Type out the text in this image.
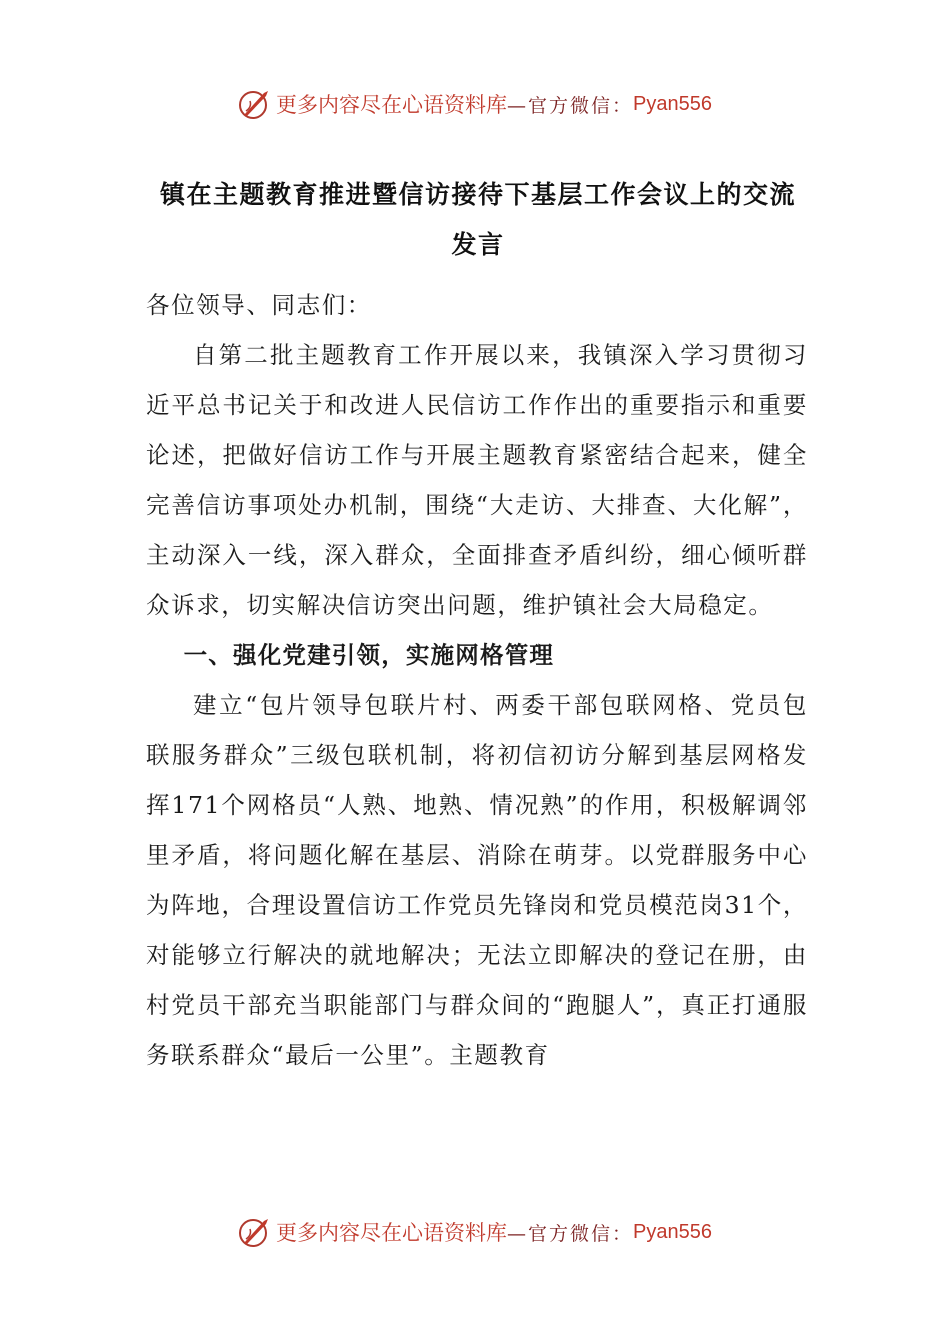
更多内容尽在心语资料库 —官方微信： Pyan556
镇在主题教育推进暨信访接待下基层工作会议上的交流发言

各位领导、同志们：

自第二批主题教育工作开展以来，我镇深入学习贯彻习近平总书记关于和改进人民信访工作作出的重要指示和重要论述，把做好信访工作与开展主题教育紧密结合起来，健全完善信访事项处办机制，围绕“大走访、大排查、大化解”，主动深入一线，深入群众，全面排查矛盾纠纷，细心倾听群众诉求，切实解决信访突出问题，维护镇社会大局稳定。

一、强化党建引领，实施网格管理

建立“包片领导包联片村、两委干部包联网格、党员包联服务群众”三级包联机制，将初信初访分解到基层网格发挥171个网格员“人熟、地熟、情况熟”的作用，积极解调邻里矛盾，将问题化解在基层、消除在萌芽。以党群服务中心为阵地，合理设置信访工作党员先锋岗和党员模范岗31个，对能够立行解决的就地解决；无法立即解决的登记在册，由村党员干部充当职能部门与群众间的“跑腿人”，真正打通服务联系群众“最后一公里”。主题教育

更多内容尽在心语资料库 —官方微信： Pyan556
